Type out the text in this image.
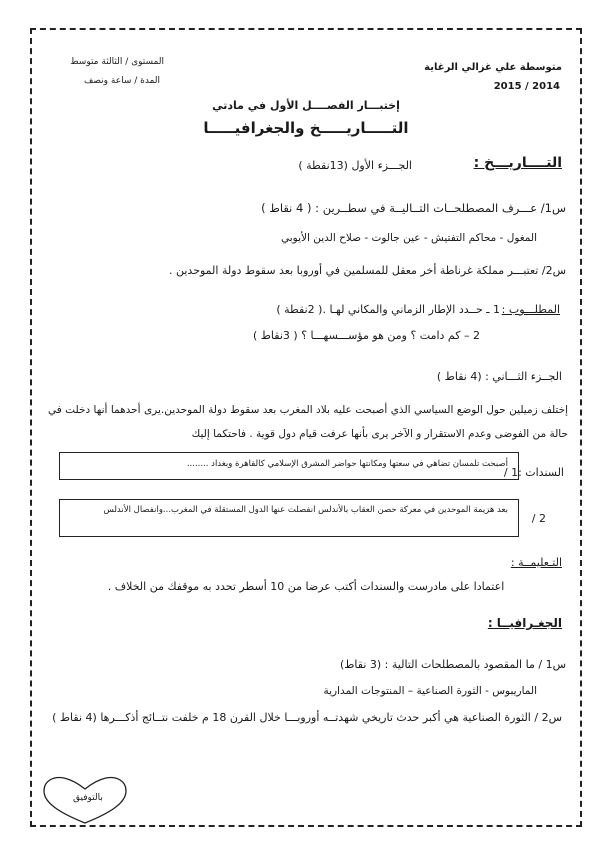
متوسطة علي غزالي الرغاية
2015 / 2014
المستوى / الثالثة متوسط
المدة / ساعة ونصف
إختبـــار الفصــــل الأول في مادتي
التـــــاريـــــخ والجغرافيـــــا
التــــاريـــخ :
الجـــزء الأول (13نقطة )
س1/ عـــرف المصطلحــات التــاليــة في سطــرين : ( 4 نقاط )
المغول - محاكم التفتيش - عين جالوت - صلاح الدين الأيوبي
س2/ تعتبـــر مملكة غرناطة أخر معقل للمسلمين في أوروبا بعد سقوط دولة الموحدين .
المطلـــوب :
1 ـ حــدد الإطار الزماني والمكاني لهـا .( 2نقطة )
2 – كم دامت ؟ ومن هو مؤســـسهـــا ؟ ( 3نقاط )
الجــزء الثـــاني : (4 نقاط )
إختلف زميلين حول الوضع السياسي الذي أصبحت عليه بلاد المغرب بعد سقوط دولة الموحدين.يرى أحدهما أنها دخلت في حالة من الفوضى وعدم الاستقرار و الآخر يرى بأنها عرفت قيام دول قوية . فاحتكما إليك
السندات :1 /
أصبحت تلمسان تضاهي في سعتها ومكانتها حواضر المشرق الإسلامي كالقاهرة وبغداد ........
بعد هزيمة الموحدين في معركة حصن العقاب بالأندلس انفصلت عنها الدول المستقلة في المغرب...وانفصال الأندلس
2 /
التـعليمــة :
اعتمادا على مادرست والسندات أكتب عرضا من 10 أسطر تحدد به موقفك من الخلاف .
الجغـرافيــا :
س1 / ما المقصود بالمصطلحات التالية : (3 نقاط)
الماريبوس - الثورة الصناعية – المنتوجات المدارية
س2 / الثورة الصناعية هي أكبر حدث تاريخي شهدتــه أوروبـــا خلال القرن 18 م خلفت نتــائج أذكـــرها (4 نقاط )
بالتوفيق
